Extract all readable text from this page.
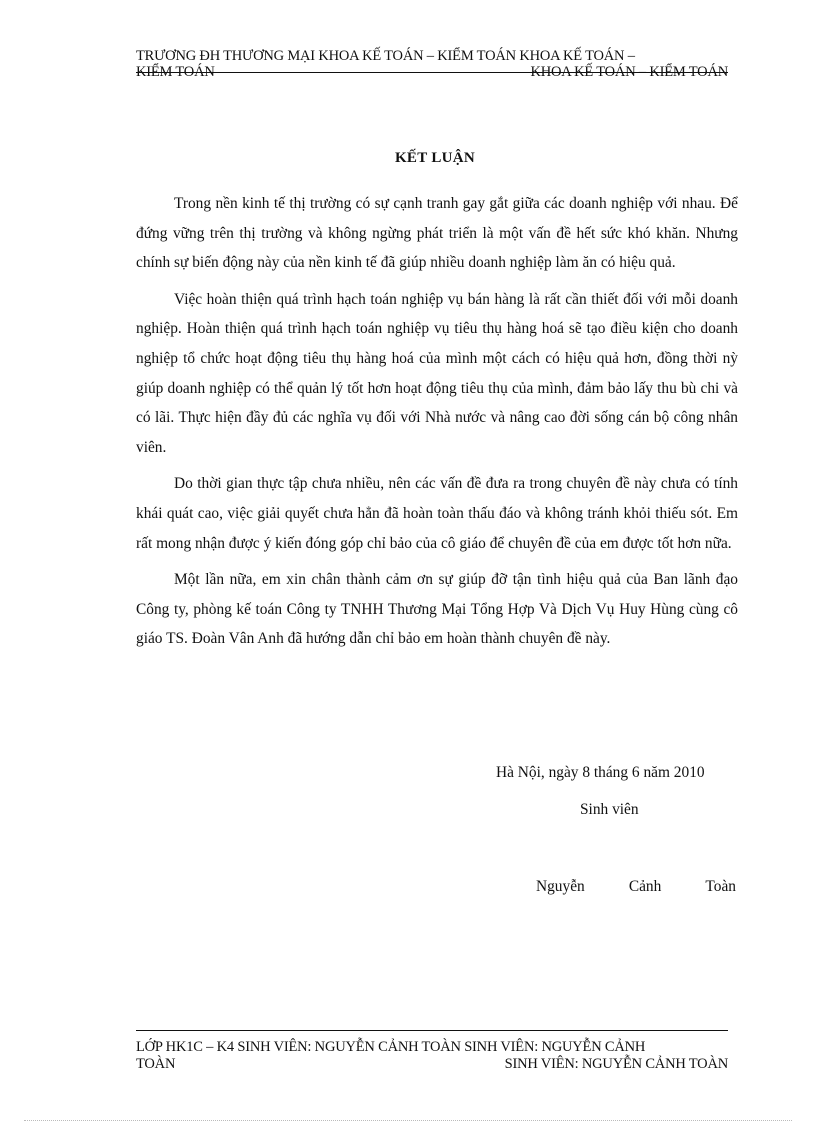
TRƯƠNG ĐH THƯƠNG MẠI KHOA KẾ TOÁN – KIỂM TOÁN KHOA KẾ TOÁN –
KIỂM TOÁN	KHOA KẾ TOÁN – KIỂM TOÁN
KẾT LUẬN

Trong nền kinh tế thị trường có sự cạnh tranh gay gắt giữa các doanh nghiệp với nhau. Để đứng vững trên thị trường và không ngừng phát triển là một vấn đề hết sức khó khăn. Nhưng chính sự biến động này của nền kinh tế đã giúp nhiều doanh nghiệp làm ăn có hiệu quả.

Việc hoàn thiện quá trình hạch toán nghiệp vụ bán hàng là rất cần thiết đối với mỗi doanh nghiệp. Hoàn thiện quá trình hạch toán nghiệp vụ tiêu thụ hàng hoá sẽ tạo điều kiện cho doanh nghiệp tổ chức hoạt động tiêu thụ hàng hoá của mình một cách có hiệu quả hơn, đồng thời nỳ giúp doanh nghiệp có thể quản lý tốt hơn hoạt động tiêu thụ của mình, đảm bảo lấy thu bù chi và có lãi. Thực hiện đầy đủ các nghĩa vụ đối với Nhà nước và nâng cao đời sống cán bộ công nhân viên.

Do thời gian thực tập chưa nhiều, nên các vấn đề đưa ra trong chuyên đề này chưa có tính khái quát cao, việc giải quyết chưa hẳn đã hoàn toàn thấu đáo và không tránh khỏi thiếu sót. Em rất mong nhận được ý kiến đóng góp chỉ bảo của cô giáo để chuyên đề của em được tốt hơn nữa.

Một lần nữa, em xin chân thành cảm ơn sự giúp đỡ tận tình hiệu quả của Ban lãnh đạo Công ty, phòng kế toán Công ty TNHH Thương Mại Tổng Hợp Và Dịch Vụ Huy Hùng cùng cô giáo TS. Đoàn Vân Anh đã hướng dẫn chỉ bảo em hoàn thành chuyên đề này.

Hà Nội, ngày 8 tháng 6 năm 2010
Sinh viên
Nguyễn	Cảnh	Toàn
LỚP HK1C – K4 SINH VIÊN: NGUYỄN CẢNH TOÀN SINH VIÊN: NGUYỄN CẢNH
TOÀN	SINH VIÊN: NGUYỄN CẢNH TOÀN
